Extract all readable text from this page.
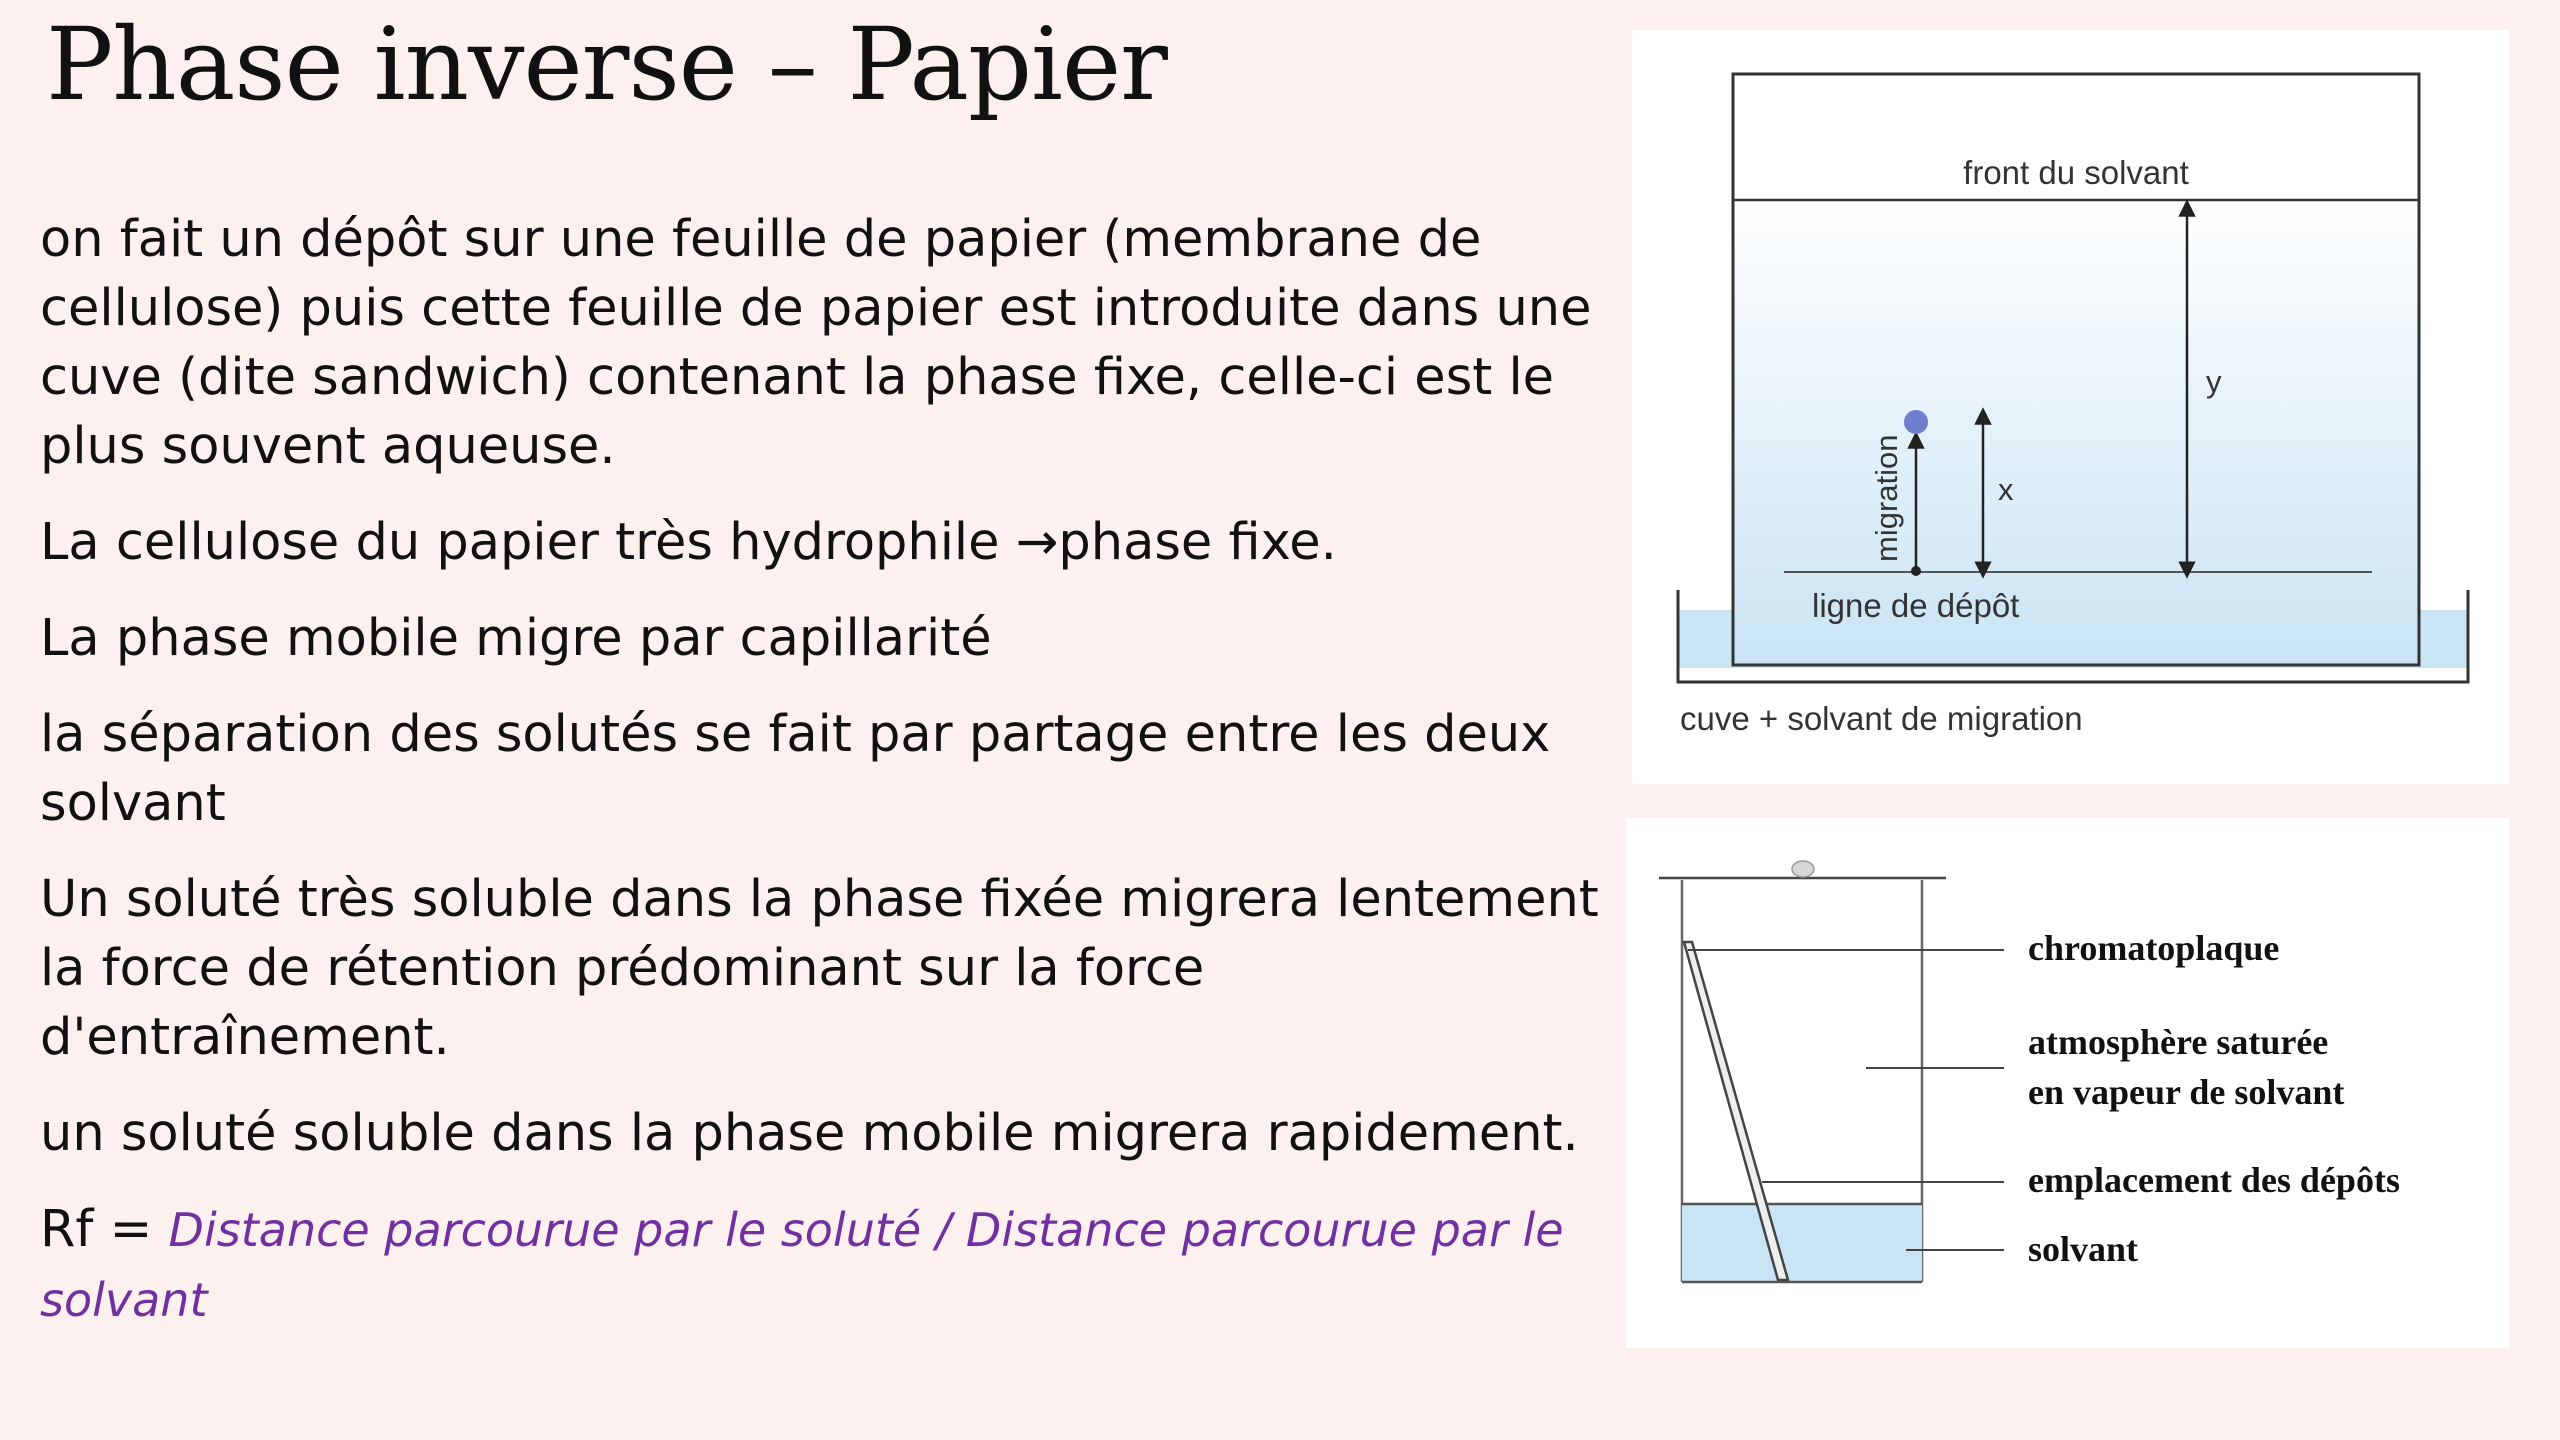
Phase inverse – Papier

on fait un dépôt sur une feuille de papier (membrane de cellulose) puis cette feuille de papier est introduite dans une cuve (dite sandwich) contenant la phase fixe, celle-ci est le plus souvent aqueuse.

La cellulose du papier très hydrophile →phase fixe.

La phase mobile migre par capillarité

la séparation des solutés se fait par partage entre les deux solvant

Un soluté très soluble dans la phase fixée migrera lentement la force de rétention prédominant sur la force d'entraînement.

un soluté soluble dans la phase mobile migrera rapidement.

Rf = Distance parcourue par le soluté / Distance parcourue par le solvant

front du solvant
ligne de dépôt
y
x
migration
cuve + solvant de migration
chromatoplaque
atmosphère saturée
en vapeur de solvant
emplacement des dépôts
solvant
